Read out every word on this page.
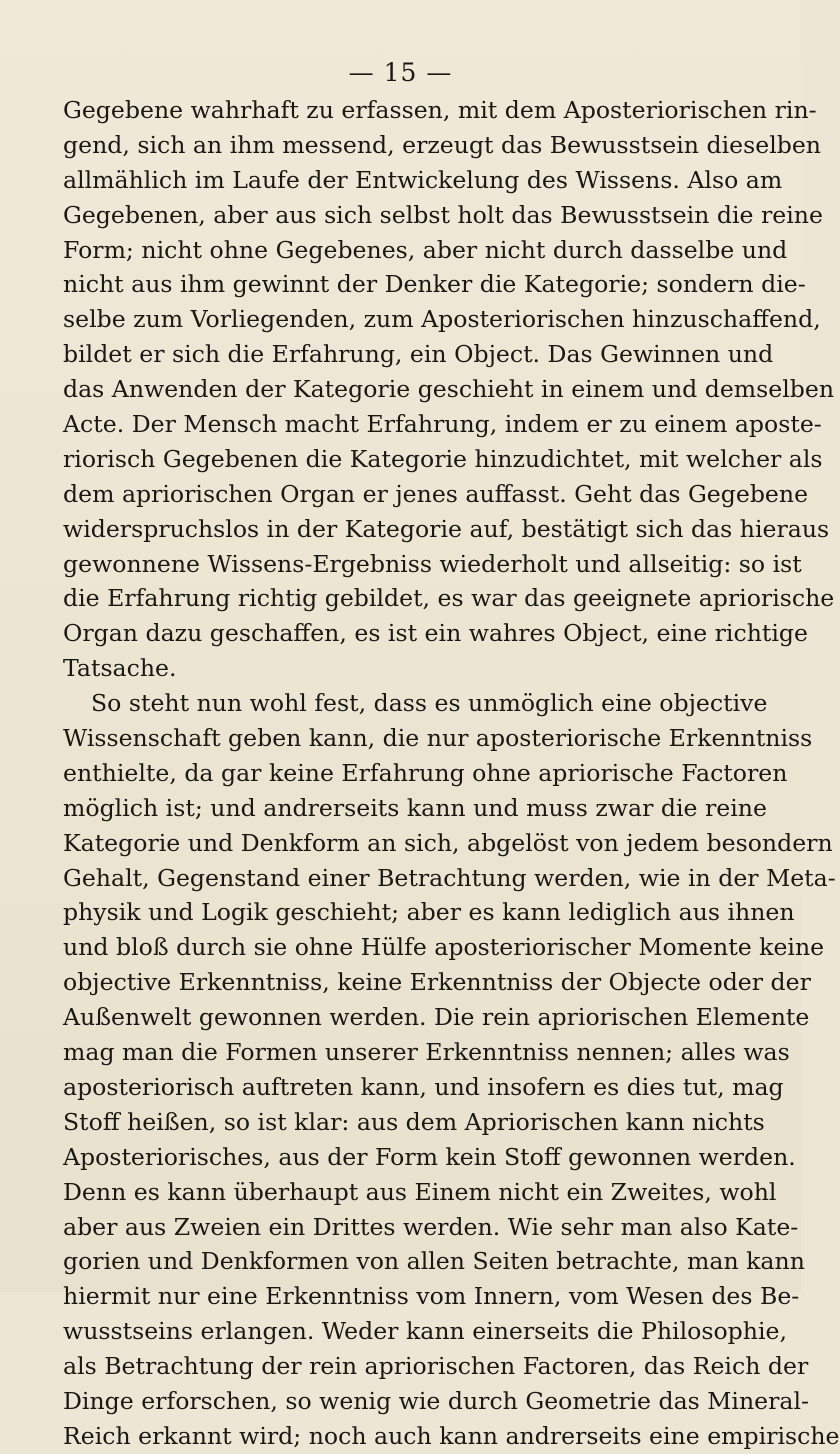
— 15 —
Gegebene wahrhaft zu erfassen, mit dem Aposteriorischen rin-
gend, sich an ihm messend, erzeugt das Bewusstsein dieselben
allmählich im Laufe der Entwickelung des Wissens. Also am
Gegebenen, aber aus sich selbst holt das Bewusstsein die reine
Form; nicht ohne Gegebenes, aber nicht durch dasselbe und
nicht aus ihm gewinnt der Denker die Kategorie; sondern die-
selbe zum Vorliegenden, zum Aposteriorischen hinzuschaffend,
bildet er sich die Erfahrung, ein Object. Das Gewinnen und
das Anwenden der Kategorie geschieht in einem und demselben
Acte. Der Mensch macht Erfahrung, indem er zu einem aposte-
riorisch Gegebenen die Kategorie hinzudichtet, mit welcher als
dem apriorischen Organ er jenes auffasst. Geht das Gegebene
widerspruchslos in der Kategorie auf, bestätigt sich das hieraus
gewonnene Wissens-Ergebniss wiederholt und allseitig: so ist
die Erfahrung richtig gebildet, es war das geeignete apriorische
Organ dazu geschaffen, es ist ein wahres Object, eine richtige
Tatsache.
So steht nun wohl fest, dass es unmöglich eine objective
Wissenschaft geben kann, die nur aposteriorische Erkenntniss
enthielte, da gar keine Erfahrung ohne apriorische Factoren
möglich ist; und andrerseits kann und muss zwar die reine
Kategorie und Denkform an sich, abgelöst von jedem besondern
Gehalt, Gegenstand einer Betrachtung werden, wie in der Meta-
physik und Logik geschieht; aber es kann lediglich aus ihnen
und bloß durch sie ohne Hülfe aposteriorischer Momente keine
objective Erkenntniss, keine Erkenntniss der Objecte oder der
Außenwelt gewonnen werden. Die rein apriorischen Elemente
mag man die Formen unserer Erkenntniss nennen; alles was
aposteriorisch auftreten kann, und insofern es dies tut, mag
Stoff heißen, so ist klar: aus dem Apriorischen kann nichts
Aposteriorisches, aus der Form kein Stoff gewonnen werden.
Denn es kann überhaupt aus Einem nicht ein Zweites, wohl
aber aus Zweien ein Drittes werden. Wie sehr man also Kate-
gorien und Denkformen von allen Seiten betrachte, man kann
hiermit nur eine Erkenntniss vom Innern, vom Wesen des Be-
wusstseins erlangen. Weder kann einerseits die Philosophie,
als Betrachtung der rein apriorischen Factoren, das Reich der
Dinge erforschen, so wenig wie durch Geometrie das Mineral-
Reich erkannt wird; noch auch kann andrerseits eine empirische
